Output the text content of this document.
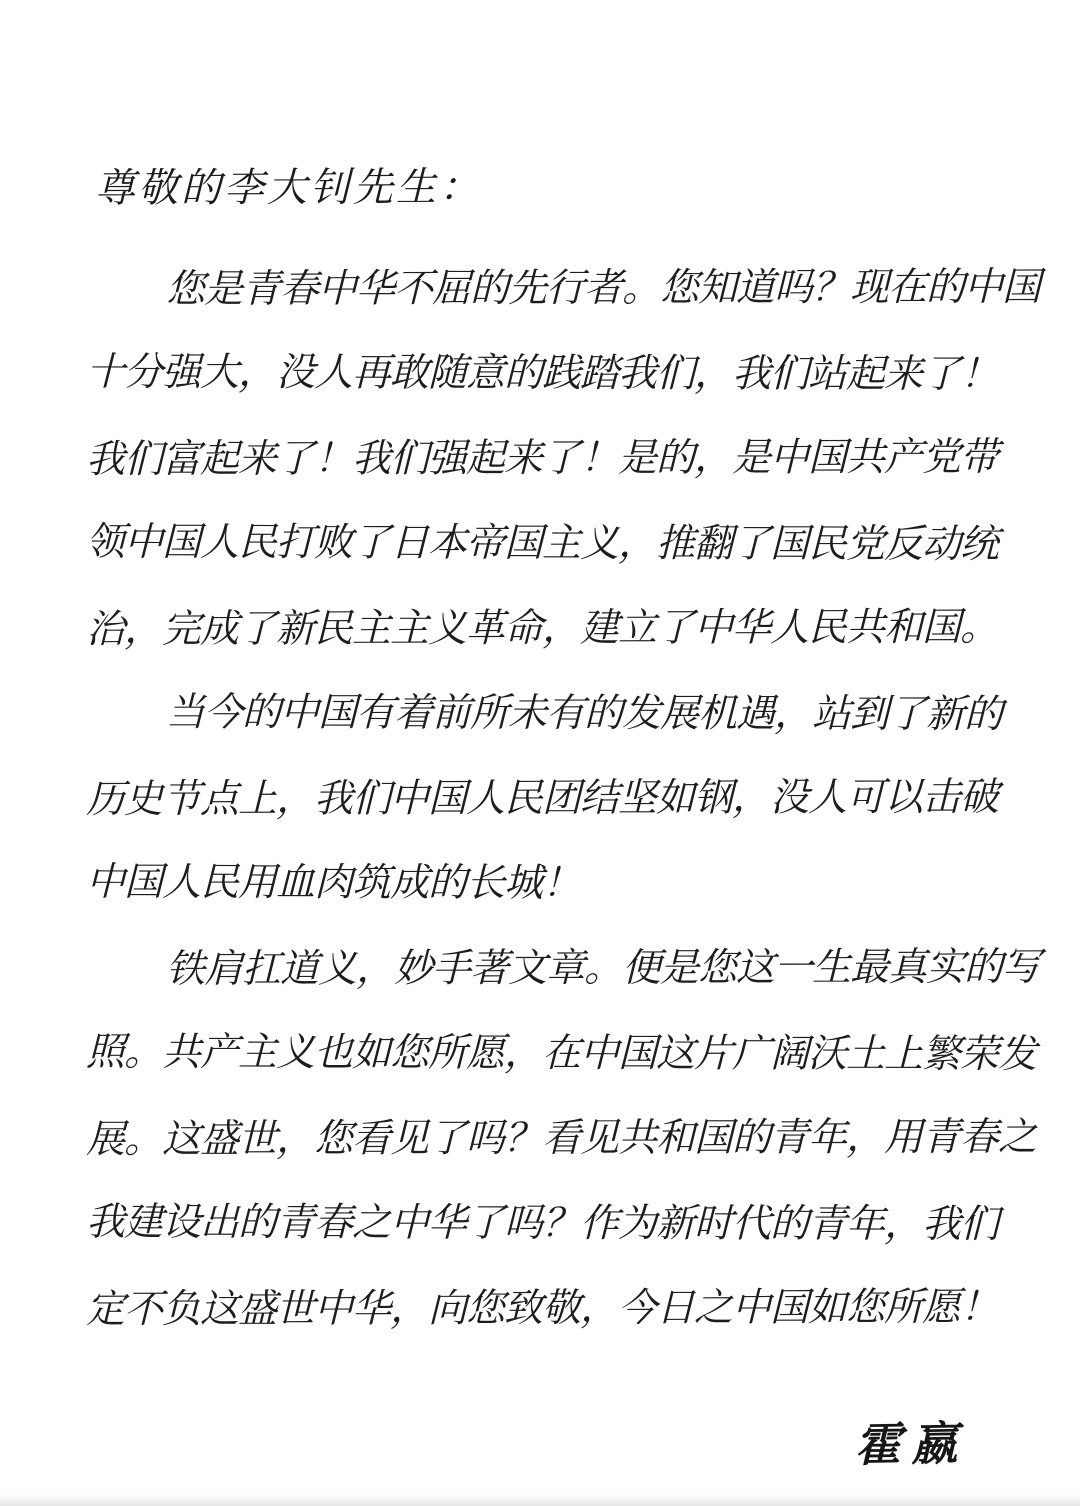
尊敬的李大钊先生：
您是青春中华不屈的先行者。您知道吗？现在的中国
十分强大，没人再敢随意的践踏我们，我们站起来了！
我们富起来了！我们强起来了！是的，是中国共产党带
领中国人民打败了日本帝国主义，推翻了国民党反动统
治，完成了新民主主义革命，建立了中华人民共和国。
当今的中国有着前所未有的发展机遇，站到了新的
历史节点上，我们中国人民团结坚如钢，没人可以击破
中国人民用血肉筑成的长城！
铁肩扛道义，妙手著文章。便是您这一生最真实的写
照。共产主义也如您所愿，在中国这片广阔沃土上繁荣发
展。这盛世，您看见了吗？看见共和国的青年，用青春之
我建设出的青春之中华了吗？作为新时代的青年，我们
定不负这盛世中华，向您致敬，今日之中国如您所愿！
霍嬴
